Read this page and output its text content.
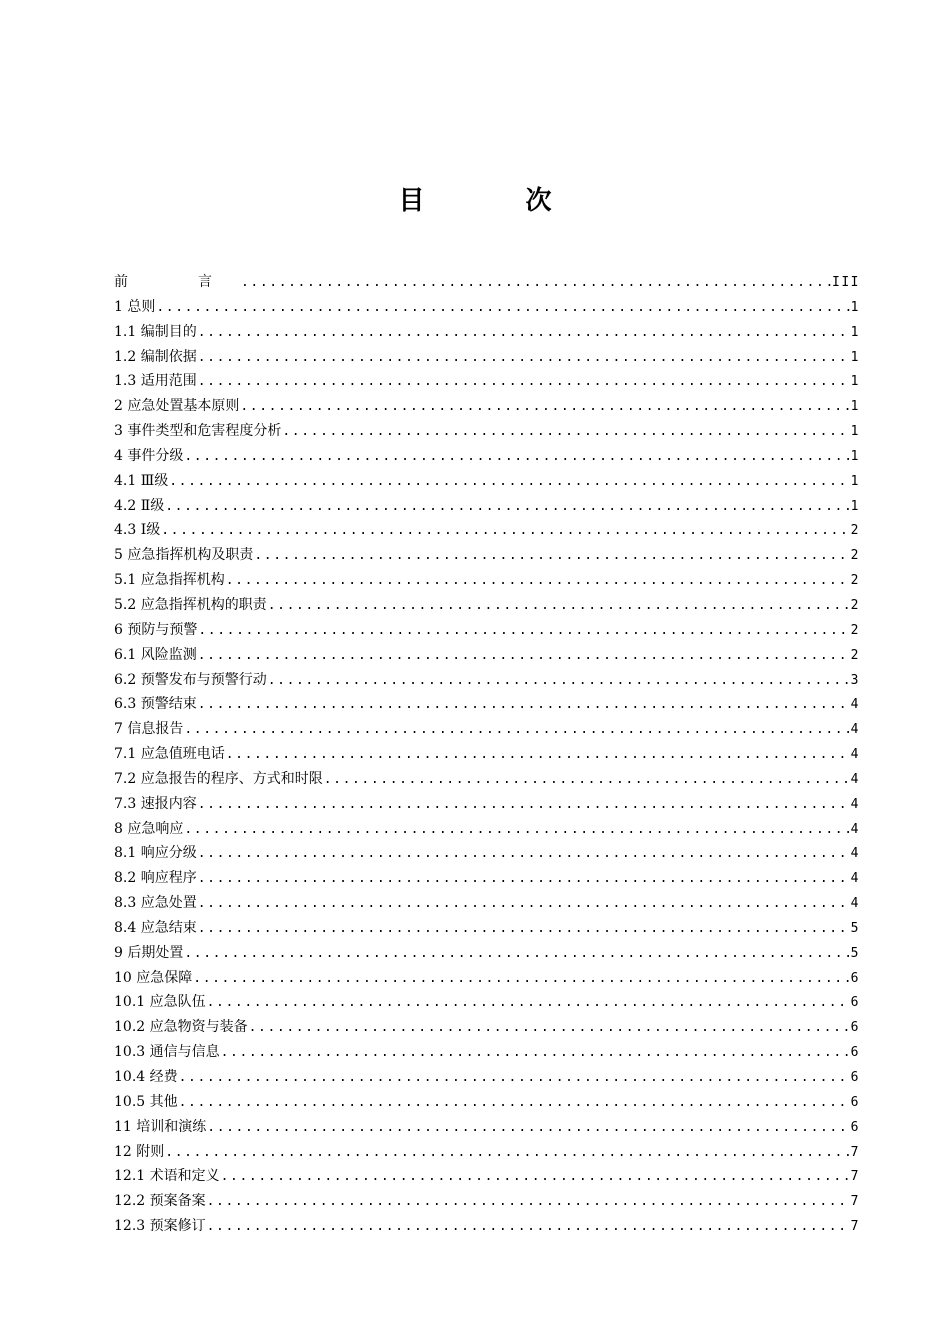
目 次
前　言 .....	III
1 总则 .....	1
1.1 编制目的 .....	1
1.2 编制依据 .....	1
1.3 适用范围 .....	1
2 应急处置基本原则 .....	1
3 事件类型和危害程度分析 .....	1
4 事件分级 .....	1
4.1 Ⅲ级 .....	1
4.2 Ⅱ级 .....	1
4.3 Ⅰ级 .....	2
5 应急指挥机构及职责 .....	2
5.1 应急指挥机构 .....	2
5.2 应急指挥机构的职责 .....	2
6 预防与预警 .....	2
6.1 风险监测 .....	2
6.2 预警发布与预警行动 .....	3
6.3 预警结束 .....	4
7 信息报告 .....	4
7.1 应急值班电话 .....	4
7.2 应急报告的程序、方式和时限 .....	4
7.3 速报内容 .....	4
8 应急响应 .....	4
8.1 响应分级 .....	4
8.2 响应程序 .....	4
8.3 应急处置 .....	4
8.4 应急结束 .....	5
9 后期处置 .....	5
10 应急保障 .....	6
10.1 应急队伍 .....	6
10.2 应急物资与装备 .....	6
10.3 通信与信息 .....	6
10.4 经费 .....	6
10.5 其他 .....	6
11 培训和演练 .....	6
12 附则 .....	7
12.1 术语和定义 .....	7
12.2 预案备案 .....	7
12.3 预案修订 .....	7
